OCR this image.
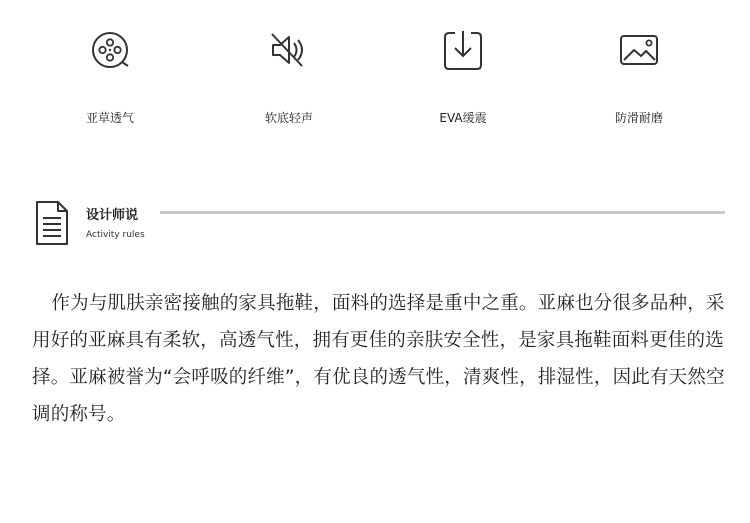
亚草透气	软底轻声	EVA缓震	防滑耐磨
设计师说
Activity rules

作为与肌肤亲密接触的家具拖鞋，面料的选择是重中之重。亚麻也分很多品种，采用好的亚麻具有柔软，高透气性，拥有更佳的亲肤安全性，是家具拖鞋面料更佳的选择。亚麻被誉为“会呼吸的纤维”，有优良的透气性，清爽性，排湿性，因此有天然空调的称号。
